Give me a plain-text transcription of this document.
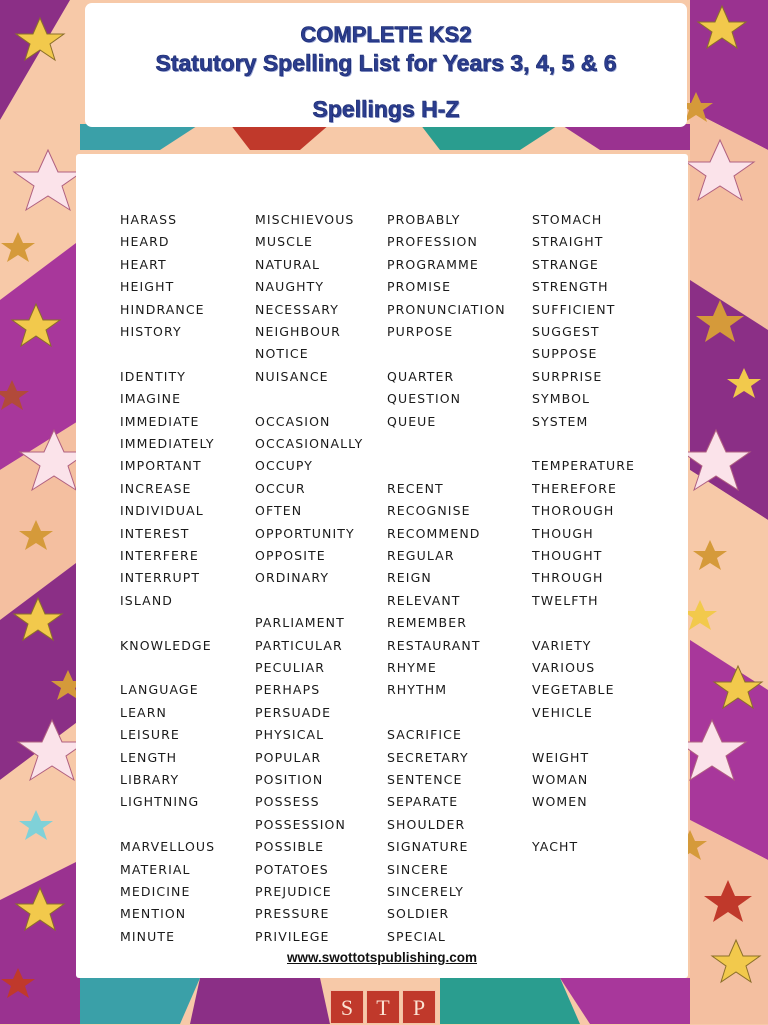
COMPLETE KS2
Statutory Spelling List for Years 3, 4, 5 & 6
Spellings H-Z
www.swottotspublishing.com
HARASS
HEARD
HEART
HEIGHT
HINDRANCE
HISTORY
IDENTITY
IMAGINE
IMMEDIATE
IMMEDIATELY
IMPORTANT
INCREASE
INDIVIDUAL
INTEREST
INTERFERE
INTERRUPT
ISLAND
KNOWLEDGE
LANGUAGE
LEARN
LEISURE
LENGTH
LIBRARY
LIGHTNING
MARVELLOUS
MATERIAL
MEDICINE
MENTION
MINUTE
MISCHIEVOUS
MUSCLE
NATURAL
NAUGHTY
NECESSARY
NEIGHBOUR
NOTICE
NUISANCE
OCCASION
OCCASIONALLY
OCCUPY
OCCUR
OFTEN
OPPORTUNITY
OPPOSITE
ORDINARY
PARLIAMENT
PARTICULAR
PECULIAR
PERHAPS
PERSUADE
PHYSICAL
POPULAR
POSITION
POSSESS
POSSESSION
POSSIBLE
POTATOES
PREJUDICE
PRESSURE
PRIVILEGE
PROBABLY
PROFESSION
PROGRAMME
PROMISE
PRONUNCIATION
PURPOSE
QUARTER
QUESTION
QUEUE
RECENT
RECOGNISE
RECOMMEND
REGULAR
REIGN
RELEVANT
REMEMBER
RESTAURANT
RHYME
RHYTHM
SACRIFICE
SECRETARY
SENTENCE
SEPARATE
SHOULDER
SIGNATURE
SINCERE
SINCERELY
SOLDIER
SPECIAL
STOMACH
STRAIGHT
STRANGE
STRENGTH
SUFFICIENT
SUGGEST
SUPPOSE
SURPRISE
SYMBOL
SYSTEM
TEMPERATURE
THEREFORE
THOROUGH
THOUGH
THOUGHT
THROUGH
TWELFTH
VARIETY
VARIOUS
VEGETABLE
VEHICLE
WEIGHT
WOMAN
WOMEN
YACHT
S	T	P
